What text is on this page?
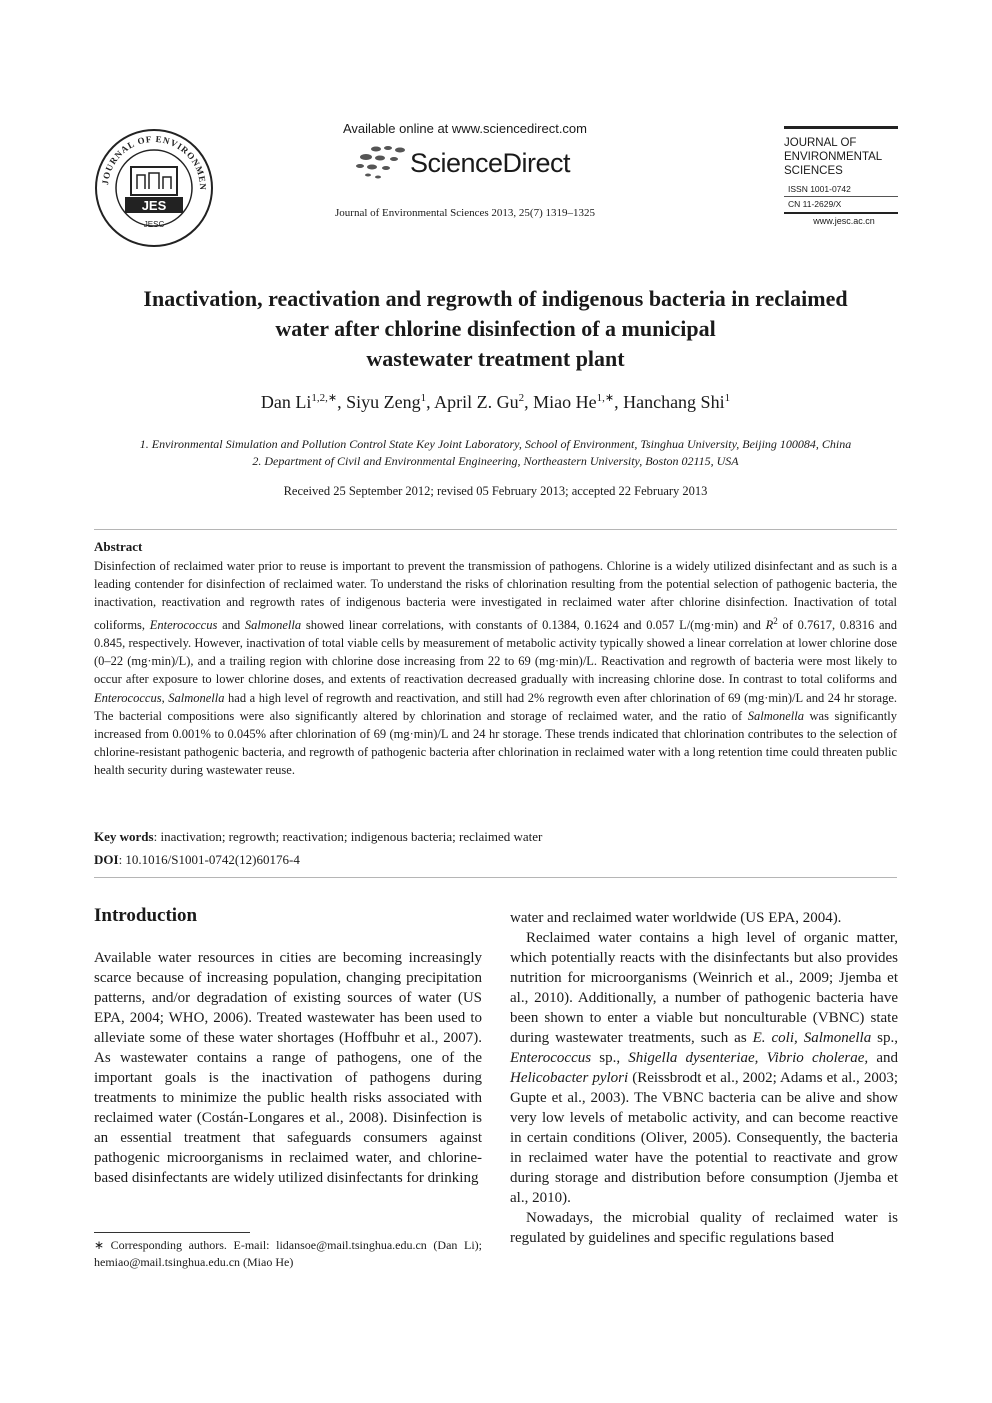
JOURNAL OF ENVIRONMEN
JES
JESC
Available online at www.sciencedirect.com
ScienceDirect
Journal of Environmental Sciences 2013, 25(7) 1319–1325
JOURNAL OF
ENVIRONMENTAL
SCIENCES
ISSN 1001-0742
CN 11-2629/X
www.jesc.ac.cn
Inactivation, reactivation and regrowth of indigenous bacteria in reclaimed
water after chlorine disinfection of a municipal
wastewater treatment plant
Dan $Li^{1,2,∗}$, Siyu Zeng$^1$, April Z. Gu$^2$, Miao $He^{1,∗}$, Hanchang Shi$^1$
1. Environmental Simulation and Pollution Control State Key Joint Laboratory, School of Environment, Tsinghua University, Beijing 100084, China
2. Department of Civil and Environmental Engineering, Northeastern University, Boston 02115, USA
Received 25 September 2012; revised 05 February 2013; accepted 22 February 2013
Abstract
Disinfection of reclaimed water prior to reuse is important to prevent the transmission of pathogens. Chlorine is a widely utilized disinfectant and as such is a leading contender for disinfection of reclaimed water. To understand the risks of chlorination resulting from the potential selection of pathogenic bacteria, the inactivation, reactivation and regrowth rates of indigenous bacteria were investigated in reclaimed water after chlorine disinfection. Inactivation of total coliforms, Enterococcus and Salmonella showed linear correlations, with constants of 0.1384, 0.1624 and 0.057 L/(mg·min) and $R^2$ of 0.7617, 0.8316 and 0.845, respectively. However, inactivation of total viable cells by measurement of metabolic activity typically showed a linear correlation at lower chlorine dose (0–22 (mg·min)/L), and a trailing region with chlorine dose increasing from 22 to 69 (mg·min)/L. Reactivation and regrowth of bacteria were most likely to occur after exposure to lower chlorine doses, and extents of reactivation decreased gradually with increasing chlorine dose. In contrast to total coliforms and Enterococcus, Salmonella had a high level of regrowth and reactivation, and still had 2% regrowth even after chlorination of 69 (mg·min)/L and 24 hr storage. The bacterial compositions were also significantly altered by chlorination and storage of reclaimed water, and the ratio of Salmonella was significantly increased from 0.001% to 0.045% after chlorination of 69 (mg·min)/L and 24 hr storage. These trends indicated that chlorination contributes to the selection of chlorine-resistant pathogenic bacteria, and regrowth of pathogenic bacteria after chlorination in reclaimed water with a long retention time could threaten public health security during wastewater reuse.
Key words: inactivation; regrowth; reactivation; indigenous bacteria; reclaimed water
DOI: 10.1016/S1001-0742(12)60176-4
Introduction

Available water resources in cities are becoming increasingly scarce because of increasing population, changing precipitation patterns, and/or degradation of existing sources of water (US EPA, 2004; WHO, 2006). Treated wastewater has been used to alleviate some of these water shortages (Hoffbuhr et al., 2007). As wastewater contains a range of pathogens, one of the important goals is the inactivation of pathogens during treatments to minimize the public health risks associated with reclaimed water (Costán-Longares et al., 2008). Disinfection is an essential treatment that safeguards consumers against pathogenic microorganisms in reclaimed water, and chlorine-based disinfectants are widely utilized disinfectants for drinking

water and reclaimed water worldwide (US EPA, 2004).

Reclaimed water contains a high level of organic matter, which potentially reacts with the disinfectants but also provides nutrition for microorganisms (Weinrich et al., 2009; Jjemba et al., 2010). Additionally, a number of pathogenic bacteria have been shown to enter a viable but nonculturable (VBNC) state during wastewater treatments, such as E. coli, Salmonella sp., Enterococcus sp., Shigella dysenteriae, Vibrio cholerae, and Helicobacter pylori (Reissbrodt et al., 2002; Adams et al., 2003; Gupte et al., 2003). The VBNC bacteria can be alive and show very low levels of metabolic activity, and can become reactive in certain conditions (Oliver, 2005). Consequently, the bacteria in reclaimed water have the potential to reactivate and grow during storage and distribution before consumption (Jjemba et al., 2010).

Nowadays, the microbial quality of reclaimed water is regulated by guidelines and specific regulations based

∗ Corresponding authors. E-mail: lidansoe@mail.tsinghua.edu.cn (Dan Li); hemiao@mail.tsinghua.edu.cn (Miao He)
